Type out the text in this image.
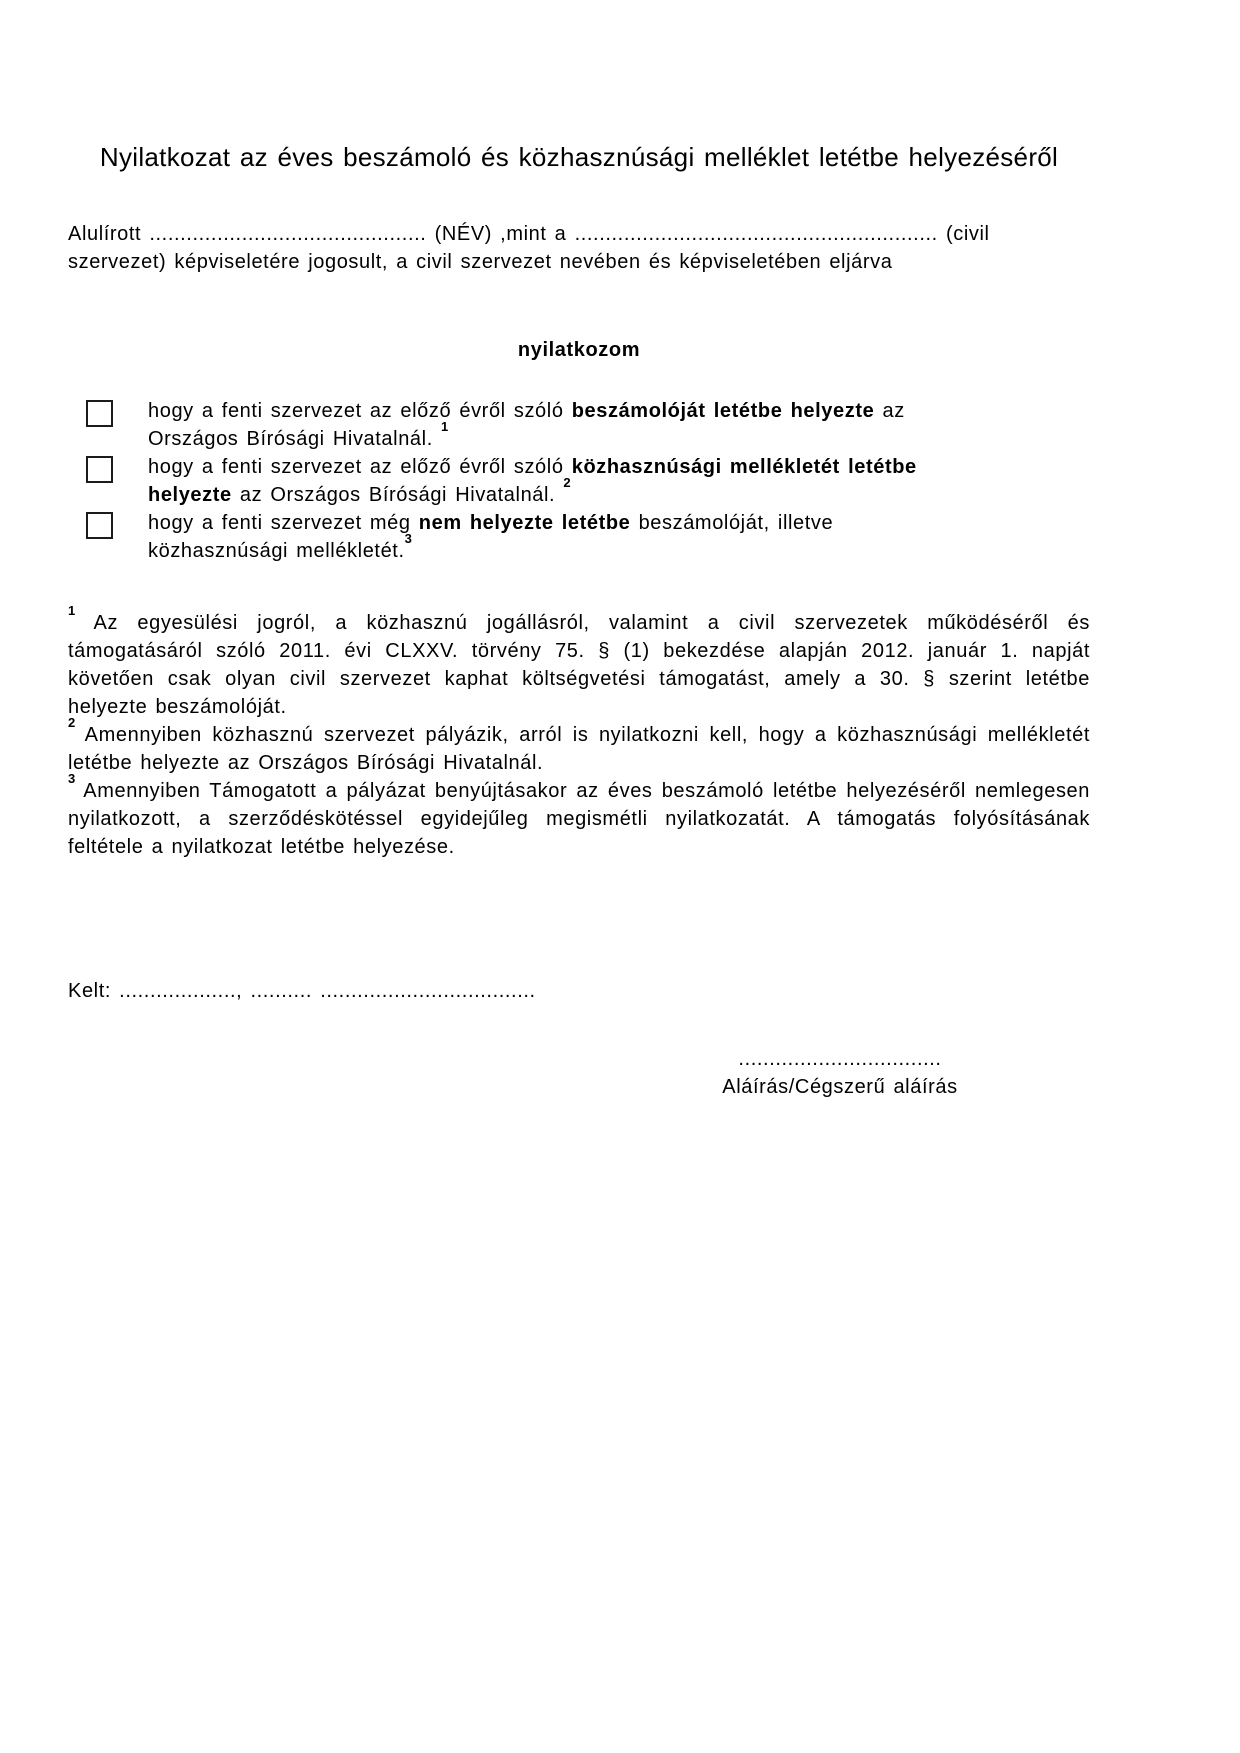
Nyilatkozat az éves beszámoló és közhasznúsági melléklet letétbe helyezéséről
Alulírott ............................................. (NÉV) ,mint a ........................................................... (civil
szervezet) képviseletére jogosult, a civil szervezet nevében és képviseletében eljárva
nyilatkozom
hogy a fenti szervezet az előző évről szóló beszámolóját letétbe helyezte az
Országos Bírósági Hivatalnál. $^1$
hogy a fenti szervezet az előző évről szóló közhasznúsági mellékletét letétbe
helyezte az Országos Bírósági Hivatalnál. $^2$
hogy a fenti szervezet még nem helyezte letétbe beszámolóját, illetve
közhasznúsági mellékletét.$^3$
$^1$ Az egyesülési jogról, a közhasznú jogállásról, valamint a civil szervezetek működéséről és támogatásáról szóló 2011. évi CLXXV. törvény 75. § (1) bekezdése alapján 2012. január 1. napját követően csak olyan civil szervezet kaphat költségvetési támogatást, amely a 30. § szerint letétbe helyezte beszámolóját.
$^2$ Amennyiben közhasznú szervezet pályázik, arról is nyilatkozni kell, hogy a közhasznúsági mellékletét letétbe helyezte az Országos Bírósági Hivatalnál.
$^3$ Amennyiben Támogatott a pályázat benyújtásakor az éves beszámoló letétbe helyezéséről nemlegesen nyilatkozott, a szerződéskötéssel egyidejűleg megismétli nyilatkozatát. A támogatás folyósításának feltétele a nyilatkozat letétbe helyezése.
Kelt: ..................., .......... ...................................
.................................
Aláírás/Cégszerű aláírás
